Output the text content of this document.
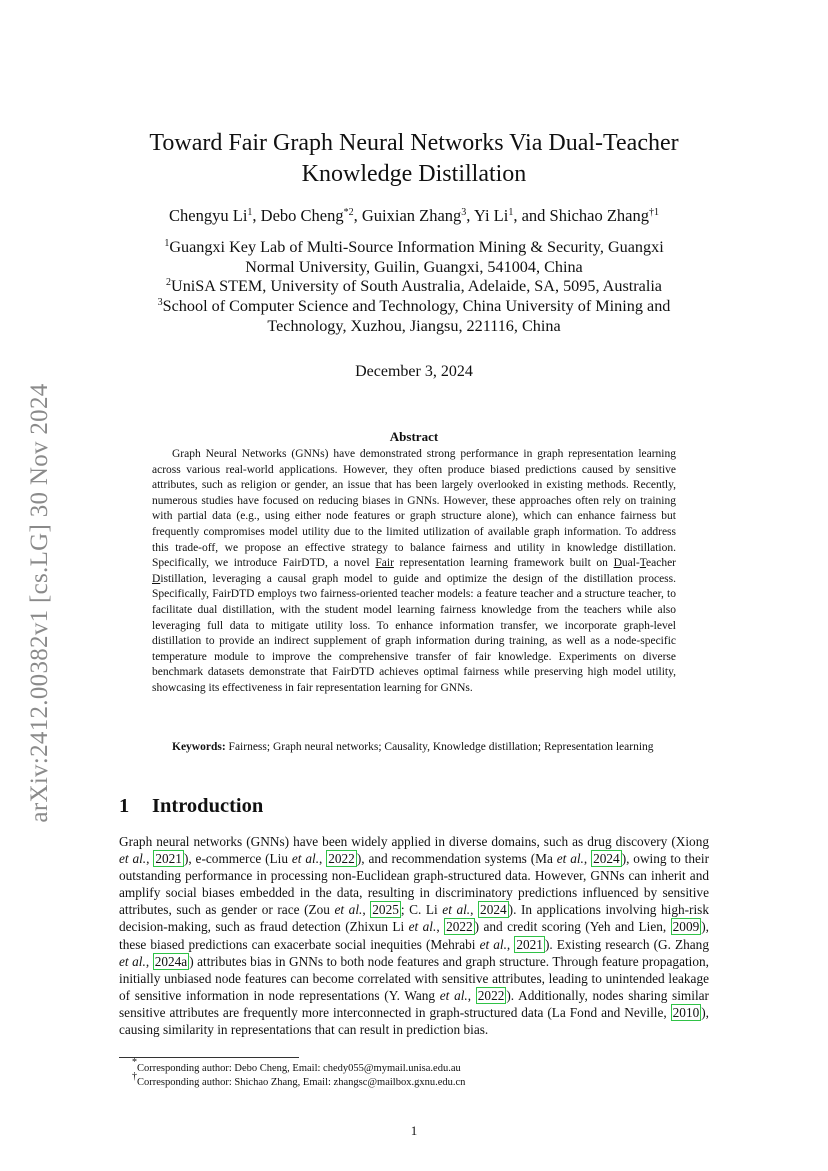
arXiv:2412.00382v1 [cs.LG] 30 Nov 2024
Toward Fair Graph Neural Networks Via Dual-Teacher
Knowledge Distillation
Chengyu Li$^1$, Debo Cheng$^{*2}$, Guixian Zhang$^3$, Yi Li$^1$, and Shichao Zhang$^{\dagger 1}$
$^1$Guangxi Key Lab of Multi-Source Information Mining & Security, Guangxi
Normal University, Guilin, Guangxi, 541004, China
$^2$UniSA STEM, University of South Australia, Adelaide, SA, 5095, Australia
$^3$School of Computer Science and Technology, China University of Mining and
Technology, Xuzhou, Jiangsu, 221116, China
December 3, 2024
Abstract
Graph Neural Networks (GNNs) have demonstrated strong performance in graph representation learning across various real-world applications. However, they often produce biased predictions caused by sensitive attributes, such as religion or gender, an issue that has been largely overlooked in existing methods. Recently, numerous studies have focused on reducing biases in GNNs. However, these approaches often rely on training with partial data (e.g., using either node features or graph structure alone), which can enhance fairness but frequently compromises model utility due to the limited utilization of available graph information. To address this trade-off, we propose an effective strategy to balance fairness and utility in knowledge distillation. Specifically, we introduce FairDTD, a novel Fair representation learning framework built on Dual-Teacher Distillation, leveraging a causal graph model to guide and optimize the design of the distillation process. Specifically, FairDTD employs two fairness-oriented teacher models: a feature teacher and a structure teacher, to facilitate dual distillation, with the student model learning fairness knowledge from the teachers while also leveraging full data to mitigate utility loss. To enhance information transfer, we incorporate graph-level distillation to provide an indirect supplement of graph information during training, as well as a node-specific temperature module to improve the comprehensive transfer of fair knowledge. Experiments on diverse benchmark datasets demonstrate that FairDTD achieves optimal fairness while preserving high model utility, showcasing its effectiveness in fair representation learning for GNNs.
Keywords: Fairness; Graph neural networks; Causality, Knowledge distillation; Representation learning
1 Introduction
Graph neural networks (GNNs) have been widely applied in diverse domains, such as drug discovery (Xiong et al., 2021 ), e-commerce (Liu et al., 2022 ), and recommendation systems (Ma et al., 2024 ), owing to their outstanding performance in processing non-Euclidean graph-structured data. However, GNNs can inherit and amplify social biases embedded in the data, resulting in discriminatory predictions influenced by sensitive attributes, such as gender or race (Zou et al., 2025 ; C. Li et al., 2024 ). In applications involving high-risk decision-making, such as fraud detection (Zhixun Li et al., 2022 ) and credit scoring (Yeh and Lien, 2009 ), these biased predictions can exacerbate social inequities (Mehrabi et al., 2021 ). Existing research (G. Zhang et al., 2024a ) attributes bias in GNNs to both node features and graph structure. Through feature propagation, initially unbiased node features can become correlated with sensitive attributes, leading to unintended leakage of sensitive information in node representations (Y. Wang et al., 2022 ). Additionally, nodes sharing similar sensitive attributes are frequently more interconnected in graph-structured data (La Fond and Neville, 2010 ), causing similarity in representations that can result in prediction bias.
*Corresponding author: Debo Cheng, Email: chedy055@mymail.unisa.edu.au
†Corresponding author: Shichao Zhang, Email: zhangsc@mailbox.gxnu.edu.cn
1
